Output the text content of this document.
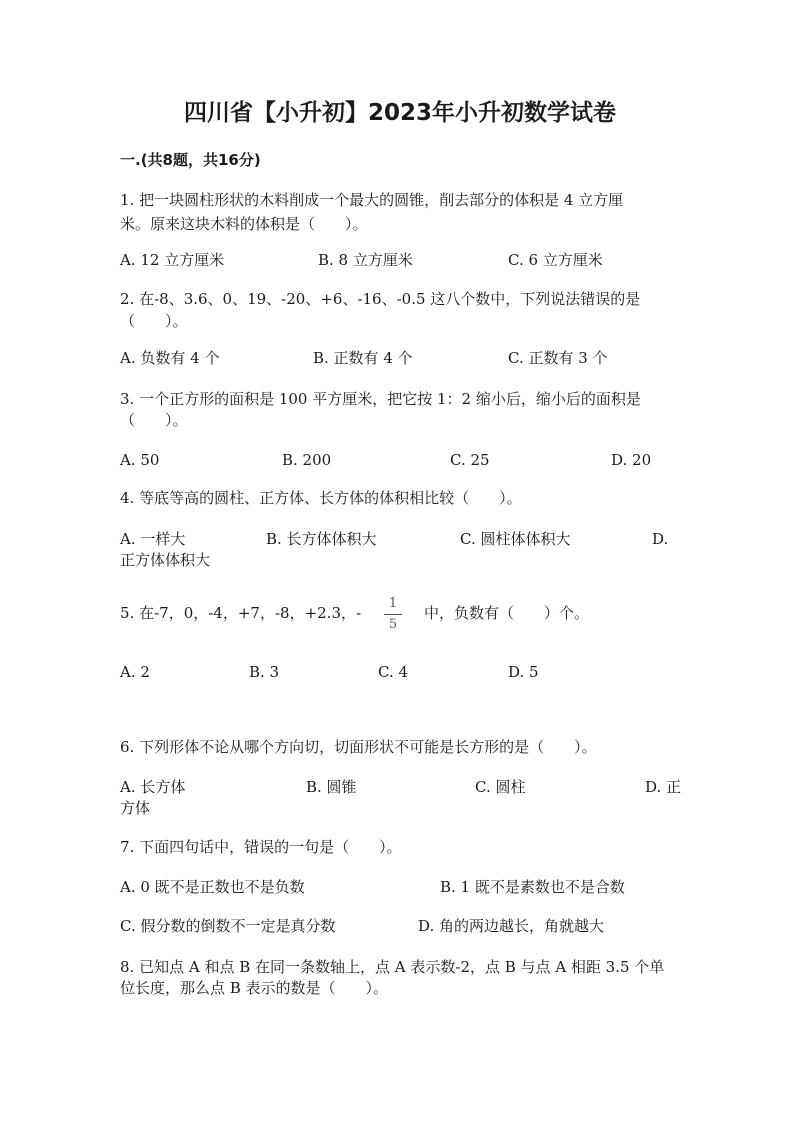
四川省【小升初】2023年小升初数学试卷
一.(共8题，共16分)
1. 把一块圆柱形状的木料削成一个最大的圆锥，削去部分的体积是 4 立方厘
米。原来这块木料的体积是（　　）。
A. 12 立方厘米	B. 8 立方厘米	C. 6 立方厘米
2. 在-8、3.6、0、19、-20、+6、-16、-0.5 这八个数中，下列说法错误的是
（　　）。
A. 负数有 4 个	B. 正数有 4 个	C. 正数有 3 个
3. 一个正方形的面积是 100 平方厘米，把它按 1：2 缩小后，缩小后的面积是
（　　）。
A. 50	B. 200	C. 25	D. 20
4. 等底等高的圆柱、正方体、长方体的体积相比较（　　）。
A. 一样大	B. 长方体体积大	C. 圆柱体体积大	D.
正方体体积大
5. 在-7，0，-4，+7，-8，+2.3，-
1
5
中，负数有（　　）个。
A. 2	B. 3	C. 4	D. 5
6. 下列形体不论从哪个方向切，切面形状不可能是长方形的是（　　）。
A. 长方体	B. 圆锥	C. 圆柱	D. 正
方体
7. 下面四句话中，错误的一句是（　　）。
A. 0 既不是正数也不是负数	B. 1 既不是素数也不是合数
C. 假分数的倒数不一定是真分数	D. 角的两边越长，角就越大
8. 已知点 A 和点 B 在同一条数轴上，点 A 表示数-2，点 B 与点 A 相距 3.5 个单
位长度，那么点 B 表示的数是（　　）。
